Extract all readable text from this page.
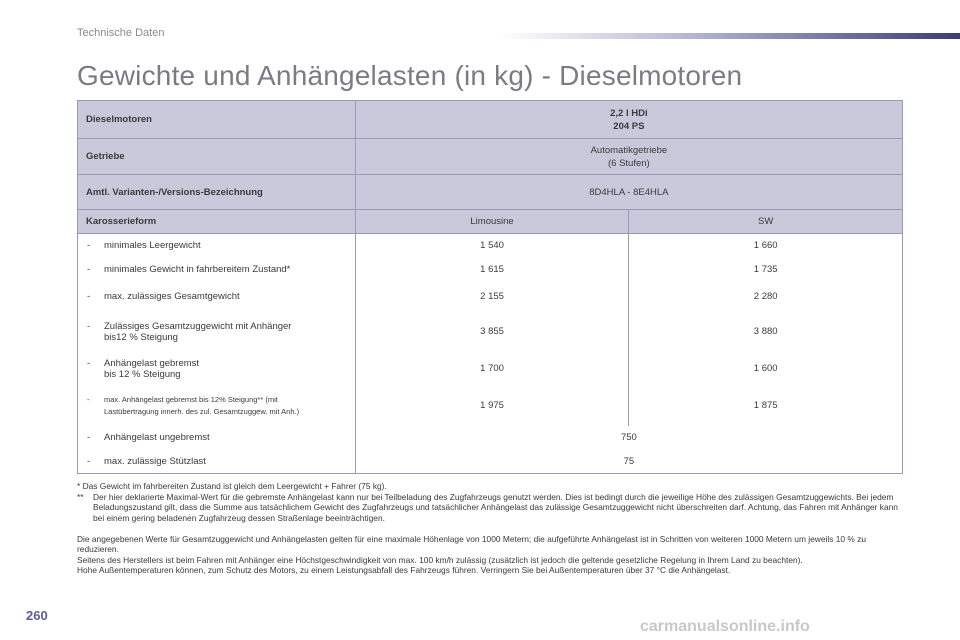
Technische Daten
Gewichte und Anhängelasten (in kg) - Dieselmotoren
Dieselmotoren	2,2 l HDi
204 PS	

Getriebe	Automatikgetriebe
(6 Stufen)	

Amtl. Varianten-/Versions-Bezeichnung	8D4HLA - 8E4HLA	
Karosserieform	Limousine	SW

- minimales Leergewicht	1 540	1 660

- minimales Gewicht in fahrbereitem Zustand*	1 615	1 735

- max. zulässiges Gesamtgewicht	2 155	2 280

- Zulässiges Gesamtzuggewicht mit Anhänger
bis12 % Steigung	3 855	3 880

- Anhängelast gebremst
bis 12 % Steigung	1 700	1 600

- max. Anhängelast gebremst bis 12% Steigung** (mit
Lastübertragung innerh. des zul. Gesamtzuggew. mit Anh.)	1 975	1 875

- Anhängelast ungebremst	750	

- max. zulässige Stützlast	75	
* Das Gewicht im fahrbereiten Zustand ist gleich dem Leergewicht + Fahrer (75 kg).
** Der hier deklarierte Maximal-Wert für die gebremste Anhängelast kann nur bei Teilbeladung des Zugfahrzeugs genutzt werden. Dies ist bedingt durch die jeweilige Höhe des zulässigen Gesamtzuggewichts. Bei jedem Beladungszustand gilt, dass die Summe aus tatsächlichem Gewicht des Zugfahrzeugs und tatsächlicher Anhängelast das zulässige Gesamtzuggewicht nicht überschreiten darf. Achtung, das Fahren mit Anhänger kann bei einem gering beladenen Zugfahrzeug dessen Straßenlage beeinträchtigen.
Die angegebenen Werte für Gesamtzuggewicht und Anhängelasten gelten für eine maximale Höhenlage von 1000 Metern; die aufgeführte Anhängelast ist in Schritten von weiteren 1000 Metern um jeweils 10 % zu reduzieren.
Seitens des Herstellers ist beim Fahren mit Anhänger eine Höchstgeschwindigkeit von max. 100 km/h zulässig (zusätzlich ist jedoch die geltende gesetzliche Regelung in Ihrem Land zu beachten).
Hohe Außentemperaturen können, zum Schutz des Motors, zu einem Leistungsabfall des Fahrzeugs führen. Verringern Sie bei Außentemperaturen über 37 °C die Anhängelast.
260
carmanualsonline.info
